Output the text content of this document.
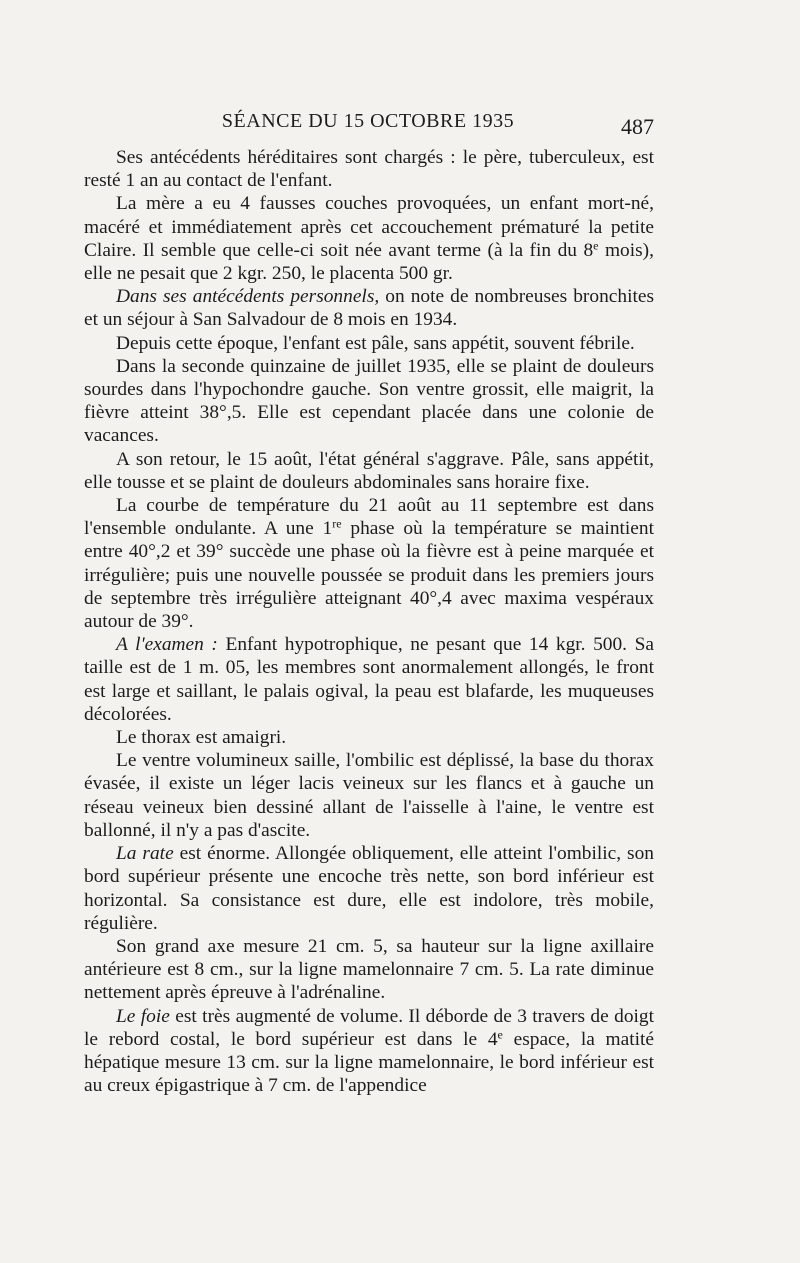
SÉANCE DU 15 OCTOBRE 1935	487

Ses antécédents héréditaires sont chargés : le père, tuberculeux, est resté 1 an au contact de l'enfant.

La mère a eu 4 fausses couches provoquées, un enfant mort-né, macéré et immédiatement après cet accouchement prématuré la petite Claire. Il semble que celle-ci soit née avant terme (à la fin du 8e mois), elle ne pesait que 2 kgr. 250, le placenta 500 gr.

Dans ses antécédents personnels, on note de nombreuses bronchites et un séjour à San Salvadour de 8 mois en 1934.

Depuis cette époque, l'enfant est pâle, sans appétit, souvent fébrile.

Dans la seconde quinzaine de juillet 1935, elle se plaint de douleurs sourdes dans l'hypochondre gauche. Son ventre grossit, elle maigrit, la fièvre atteint 38°,5. Elle est cependant placée dans une colonie de vacances.

A son retour, le 15 août, l'état général s'aggrave. Pâle, sans appétit, elle tousse et se plaint de douleurs abdominales sans horaire fixe.

La courbe de température du 21 août au 11 septembre est dans l'ensemble ondulante. A une 1re phase où la température se maintient entre 40°,2 et 39° succède une phase où la fièvre est à peine marquée et irrégulière; puis une nouvelle poussée se produit dans les premiers jours de septembre très irrégulière atteignant 40°,4 avec maxima vespéraux autour de 39°.

A l'examen : Enfant hypotrophique, ne pesant que 14 kgr. 500. Sa taille est de 1 m. 05, les membres sont anormalement allongés, le front est large et saillant, le palais ogival, la peau est blafarde, les muqueuses décolorées.

Le thorax est amaigri.

Le ventre volumineux saille, l'ombilic est déplissé, la base du thorax évasée, il existe un léger lacis veineux sur les flancs et à gauche un réseau veineux bien dessiné allant de l'aisselle à l'aine, le ventre est ballonné, il n'y a pas d'ascite.

La rate est énorme. Allongée obliquement, elle atteint l'ombilic, son bord supérieur présente une encoche très nette, son bord inférieur est horizontal. Sa consistance est dure, elle est indolore, très mobile, régulière.

Son grand axe mesure 21 cm. 5, sa hauteur sur la ligne axillaire antérieure est 8 cm., sur la ligne mamelonnaire 7 cm. 5. La rate diminue nettement après épreuve à l'adrénaline.

Le foie est très augmenté de volume. Il déborde de 3 travers de doigt le rebord costal, le bord supérieur est dans le 4e espace, la matité hépatique mesure 13 cm. sur la ligne mamelonnaire, le bord inférieur est au creux épigastrique à 7 cm. de l'appendice
